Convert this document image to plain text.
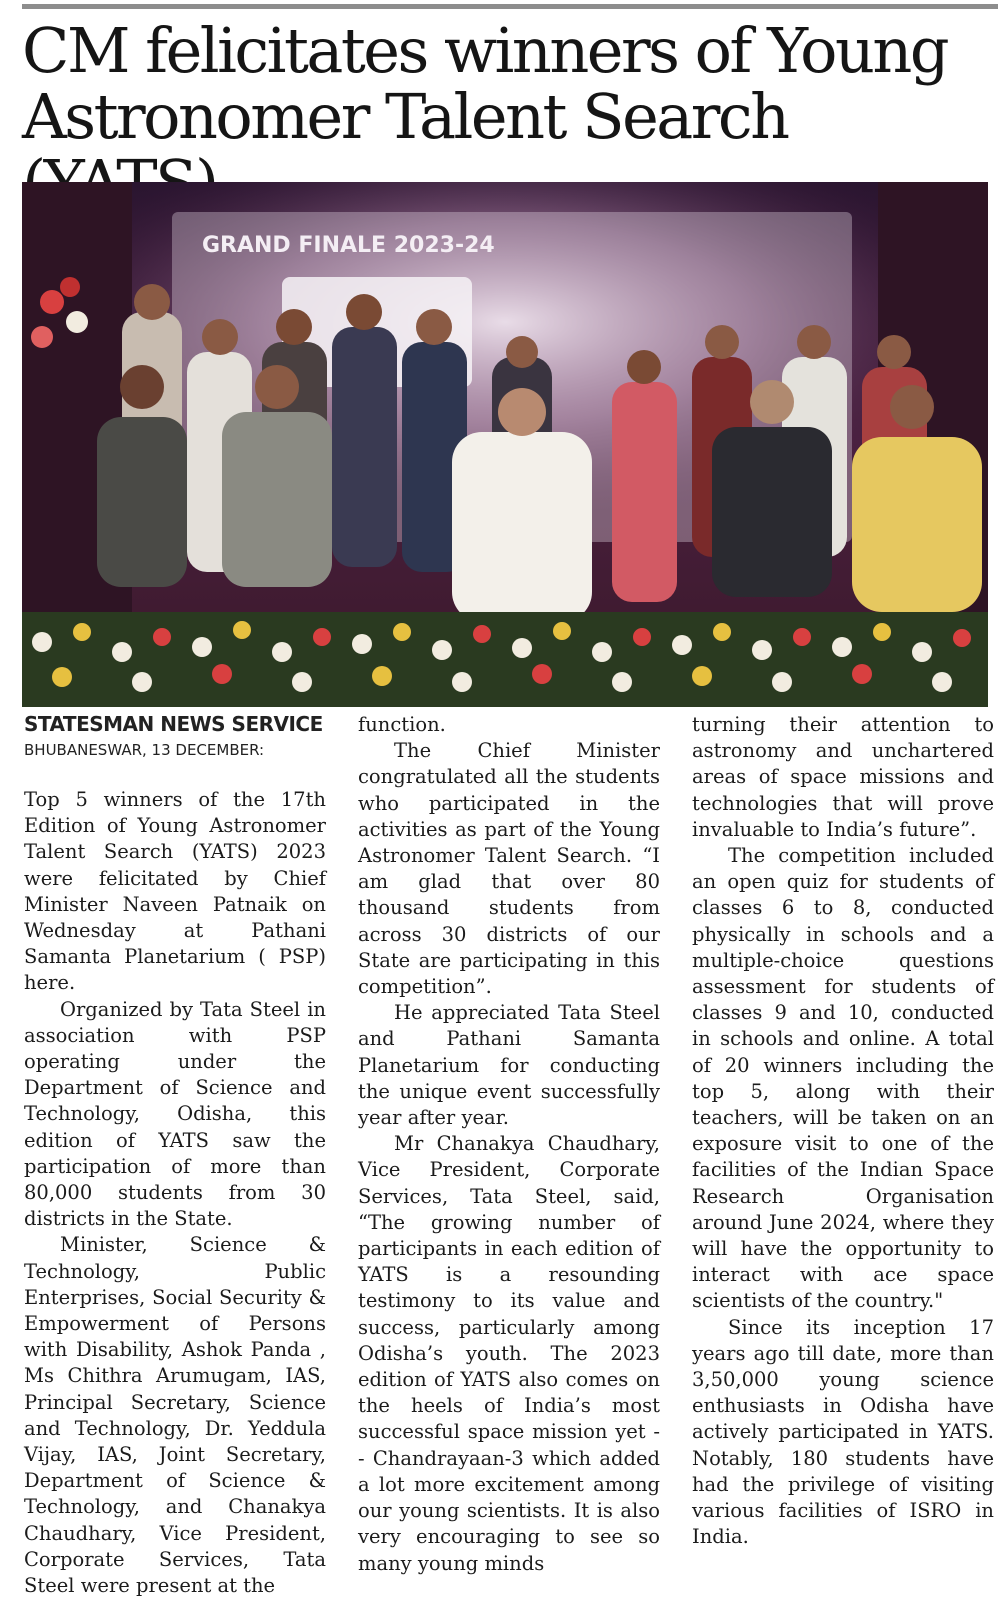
CM felicitates winners of Young Astronomer Talent Search
GRAND FINALE 2023-24
STATESMAN NEWS SERVICE
BHUBANESWAR, 13 DECEMBER:

Top 5 winners of the 17th Edition of Young Astronomer Talent Search (YATS) 2023 were felicitated by Chief Minister Naveen Patnaik on Wednesday at Pathani Samanta Planetarium ( PSP) here.

Organized by Tata Steel in association with PSP operating under the Department of Science and Technology, Odisha, this edition of YATS saw the participation of more than 80,000 students from 30 districts in the State.

Minister, Science & Technology, Public Enterprises, Social Security & Empowerment of Persons with Disability, Ashok Panda , Ms Chithra Arumugam, IAS, Principal Secretary, Science and Technology, Dr. Yeddula Vijay, IAS, Joint Secretary, Department of Science & Technology, and Chanakya Chaudhary, Vice President, Corporate Services, Tata Steel were present at the

function.

The Chief Minister congratulated all the students who participated in the activities as part of the Young Astronomer Talent Search. “I am glad that over 80 thousand students from across 30 districts of our State are participating in this competition”.

He appreciated Tata Steel and Pathani Samanta Planetarium for conducting the unique event successfully year after year.

Mr Chanakya Chaudhary, Vice President, Corporate Services, Tata Steel, said, “The growing number of participants in each edition of YATS is a resounding testimony to its value and success, particularly among Odisha’s youth. The 2023 edition of YATS also comes on the heels of India’s most successful space mission yet -- Chandrayaan-3 which added a lot more excitement among our young scientists. It is also very encouraging to see so many young minds

turning their attention to astronomy and unchartered areas of space missions and technologies that will prove invaluable to India’s future”.

The competition included an open quiz for students of classes 6 to 8, conducted physically in schools and a multiple-choice questions assessment for students of classes 9 and 10, conducted in schools and online. A total of 20 winners including the top 5, along with their teachers, will be taken on an exposure visit to one of the facilities of the Indian Space Research Organisation around June 2024, where they will have the opportunity to interact with ace space scientists of the country."

Since its inception 17 years ago till date, more than 3,50,000 young science enthusiasts in Odisha have actively participated in YATS. Notably, 180 students have had the privilege of visiting various facilities of ISRO in India.
